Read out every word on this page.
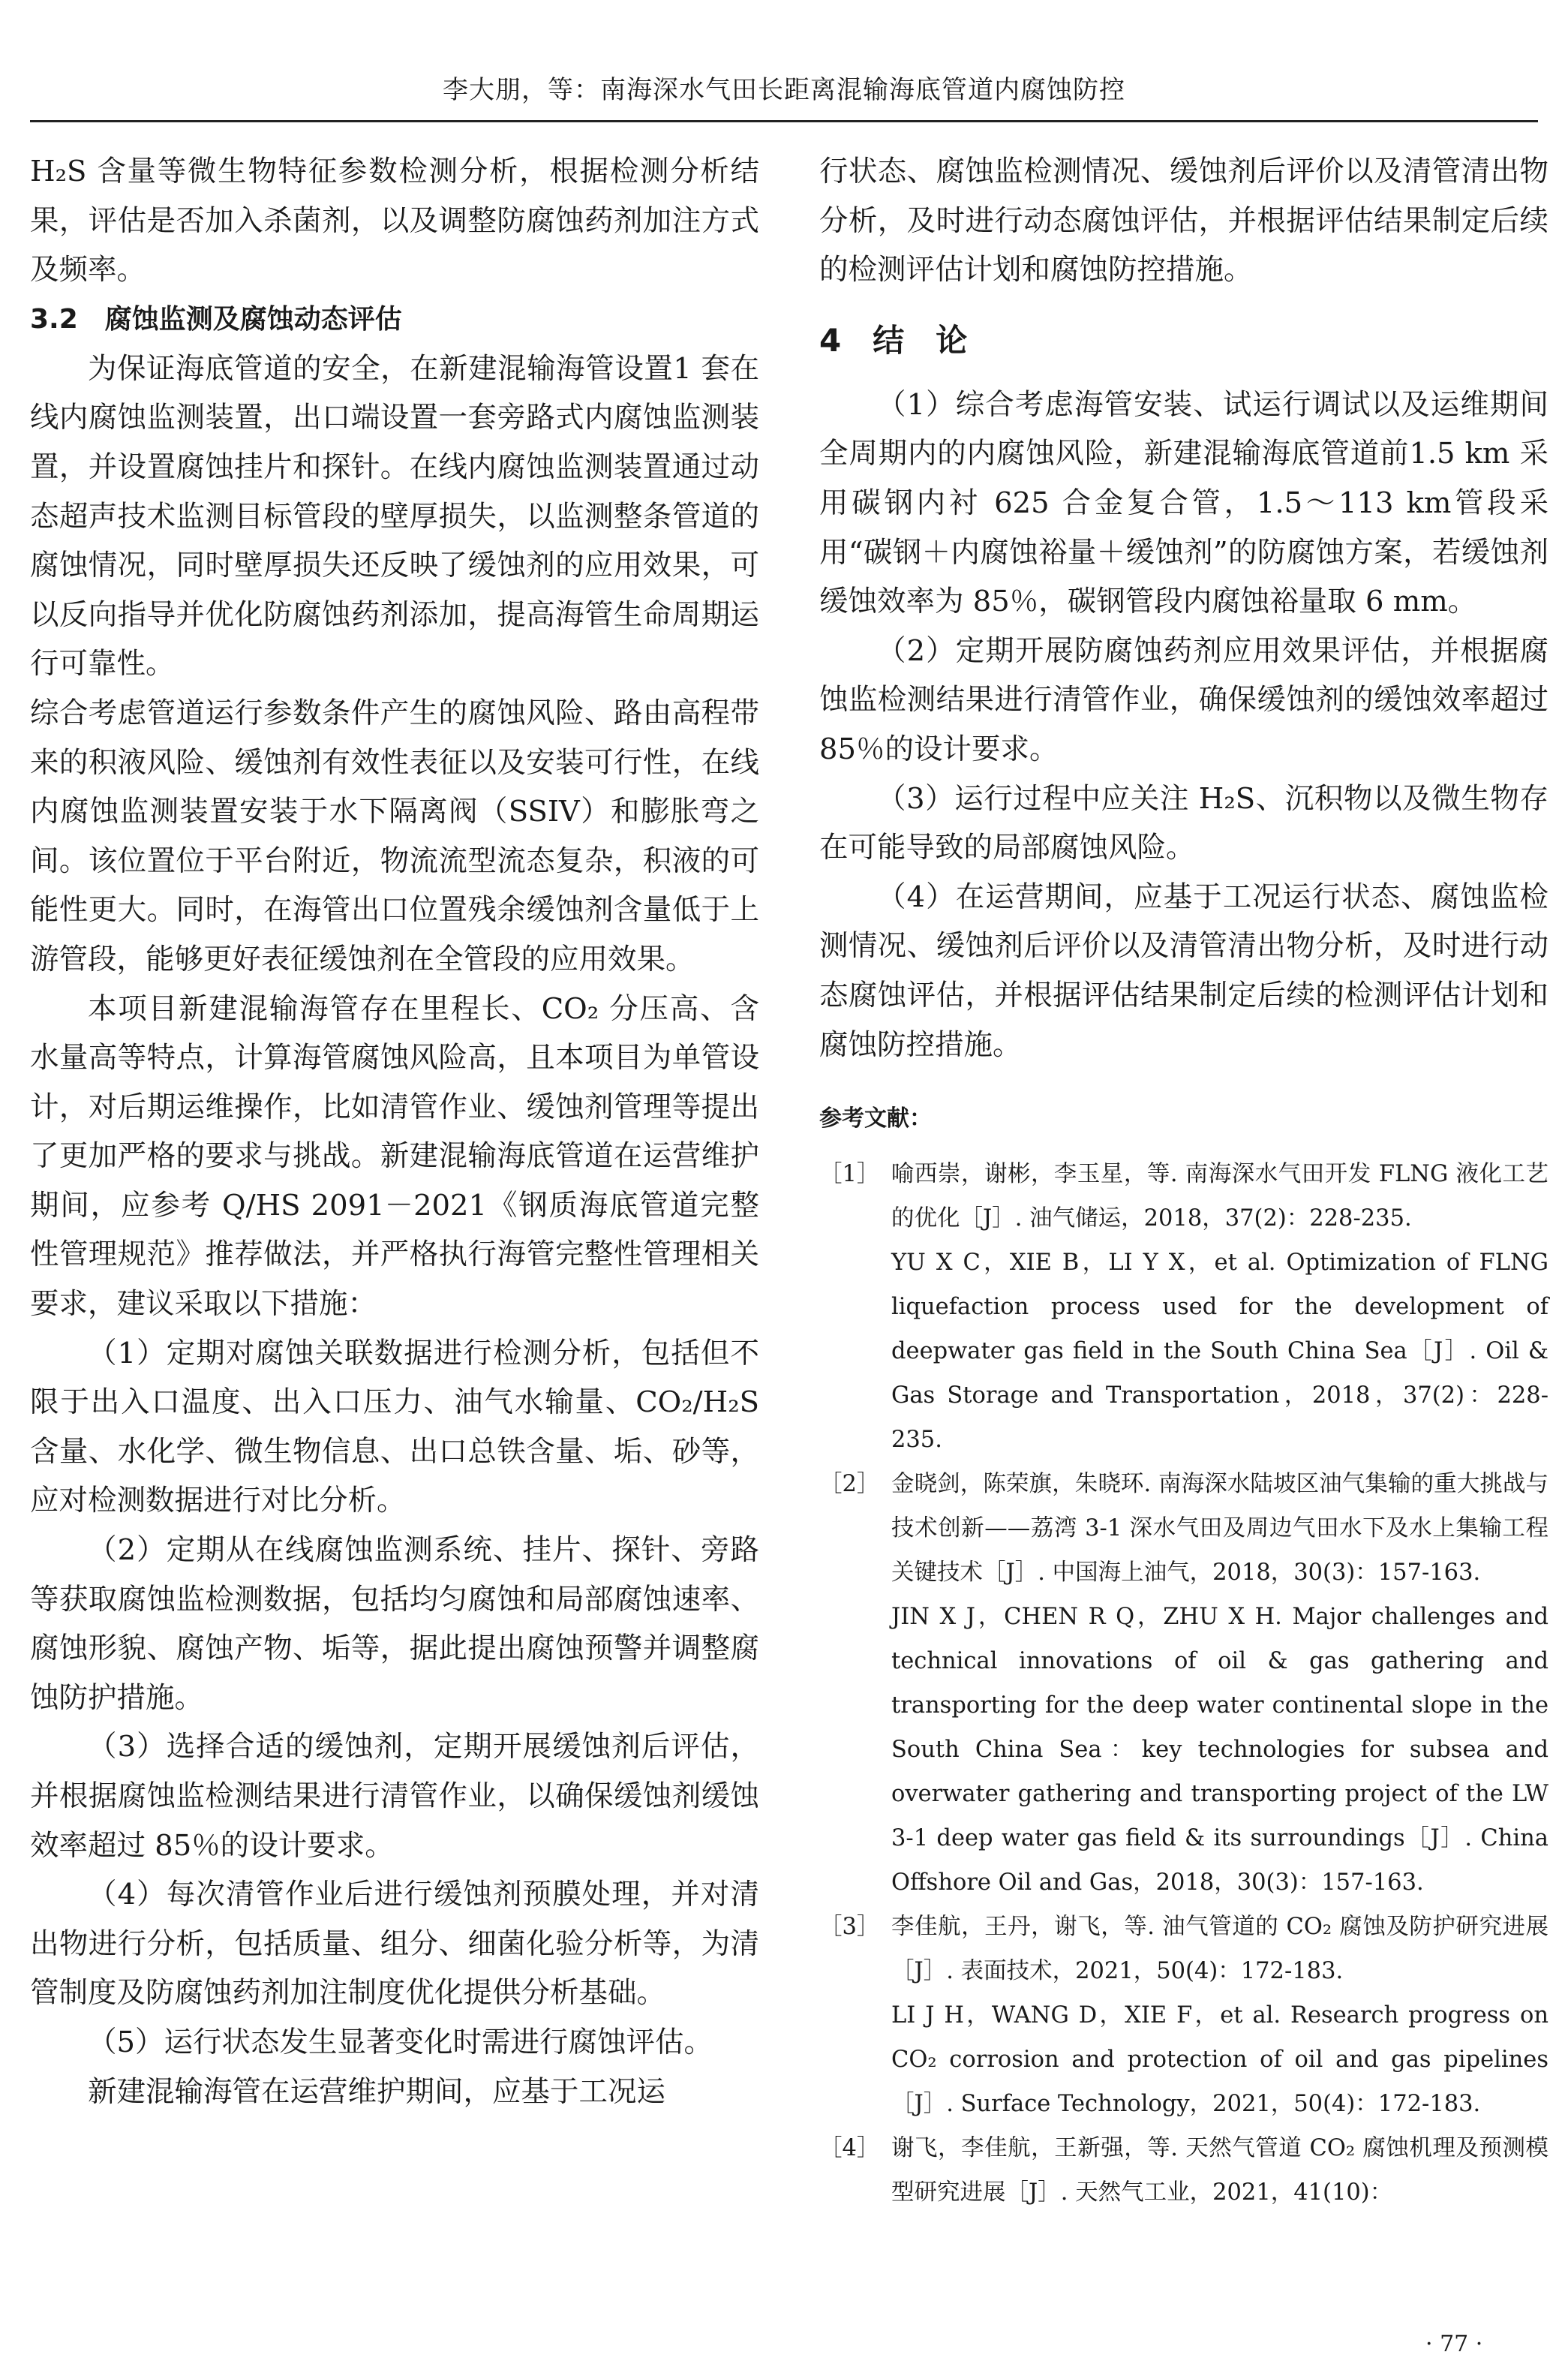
李大朋，等：南海深水气田长距离混输海底管道内腐蚀防控

H₂S 含量等微生物特征参数检测分析，根据检测分析结果，评估是否加入杀菌剂，以及调整防腐蚀药剂加注方式及频率。

3.2　腐蚀监测及腐蚀动态评估

为保证海底管道的安全，在新建混输海管设置1 套在线内腐蚀监测装置，出口端设置一套旁路式内腐蚀监测装置，并设置腐蚀挂片和探针。在线内腐蚀监测装置通过动态超声技术监测目标管段的壁厚损失，以监测整条管道的腐蚀情况，同时壁厚损失还反映了缓蚀剂的应用效果，可以反向指导并优化防腐蚀药剂添加，提高海管生命周期运行可靠性。

综合考虑管道运行参数条件产生的腐蚀风险、路由高程带来的积液风险、缓蚀剂有效性表征以及安装可行性，在线内腐蚀监测装置安装于水下隔离阀（SSIV）和膨胀弯之间。该位置位于平台附近，物流流型流态复杂，积液的可能性更大。同时，在海管出口位置残余缓蚀剂含量低于上游管段，能够更好表征缓蚀剂在全管段的应用效果。

本项目新建混输海管存在里程长、CO₂ 分压高、含水量高等特点，计算海管腐蚀风险高，且本项目为单管设计，对后期运维操作，比如清管作业、缓蚀剂管理等提出了更加严格的要求与挑战。新建混输海底管道在运营维护期间，应参考 Q/HS 2091－2021《钢质海底管道完整性管理规范》推荐做法，并严格执行海管完整性管理相关要求，建议采取以下措施：

（1）定期对腐蚀关联数据进行检测分析，包括但不限于出入口温度、出入口压力、油气水输量、CO₂/H₂S 含量、水化学、微生物信息、出口总铁含量、垢、砂等，应对检测数据进行对比分析。

（2）定期从在线腐蚀监测系统、挂片、探针、旁路等获取腐蚀监检测数据，包括均匀腐蚀和局部腐蚀速率、腐蚀形貌、腐蚀产物、垢等，据此提出腐蚀预警并调整腐蚀防护措施。

（3）选择合适的缓蚀剂，定期开展缓蚀剂后评估，并根据腐蚀监检测结果进行清管作业，以确保缓蚀剂缓蚀效率超过 85％的设计要求。

（4）每次清管作业后进行缓蚀剂预膜处理，并对清出物进行分析，包括质量、组分、细菌化验分析等，为清管制度及防腐蚀药剂加注制度优化提供分析基础。

（5）运行状态发生显著变化时需进行腐蚀评估。

新建混输海管在运营维护期间，应基于工况运

行状态、腐蚀监检测情况、缓蚀剂后评价以及清管清出物分析，及时进行动态腐蚀评估，并根据评估结果制定后续的检测评估计划和腐蚀防控措施。

4　结　论

（1）综合考虑海管安装、试运行调试以及运维期间全周期内的内腐蚀风险，新建混输海底管道前1.5 km 采用碳钢内衬 625 合金复合管，1.5～113 km管段采用“碳钢＋内腐蚀裕量＋缓蚀剂”的防腐蚀方案，若缓蚀剂缓蚀效率为 85％，碳钢管段内腐蚀裕量取 6 mm。

（2）定期开展防腐蚀药剂应用效果评估，并根据腐蚀监检测结果进行清管作业，确保缓蚀剂的缓蚀效率超过 85％的设计要求。

（3）运行过程中应关注 H₂S、沉积物以及微生物存在可能导致的局部腐蚀风险。

（4）在运营期间，应基于工况运行状态、腐蚀监检测情况、缓蚀剂后评价以及清管清出物分析，及时进行动态腐蚀评估，并根据评估结果制定后续的检测评估计划和腐蚀防控措施。

参考文献：
［1］ 喻西崇，谢彬，李玉星，等. 南海深水气田开发 FLNG 液化工艺的优化［J］. 油气储运，2018，37(2)：228-235.
YU X C，XIE B，LI Y X，et al. Optimization of FLNG liquefaction process used for the development of deepwater gas field in the South China Sea［J］. Oil & Gas Storage and Transportation，2018，37(2)：228-235.
［2］ 金晓剑，陈荣旗，朱晓环. 南海深水陆坡区油气集输的重大挑战与技术创新——荔湾 3-1 深水气田及周边气田水下及水上集输工程关键技术［J］. 中国海上油气，2018，30(3)：157-163.
JIN X J，CHEN R Q，ZHU X H. Major challenges and technical innovations of oil & gas gathering and transporting for the deep water continental slope in the South China Sea：key technologies for subsea and overwater gathering and transporting project of the LW 3-1 deep water gas field & its surroundings［J］. China Offshore Oil and Gas，2018，30(3)：157-163.
［3］ 李佳航，王丹，谢飞，等. 油气管道的 CO₂ 腐蚀及防护研究进展［J］. 表面技术，2021，50(4)：172-183.
LI J H，WANG D，XIE F，et al. Research progress on CO₂ corrosion and protection of oil and gas pipelines［J］. Surface Technology，2021，50(4)：172-183.
［4］ 谢飞，李佳航，王新强，等. 天然气管道 CO₂ 腐蚀机理及预测模型研究进展［J］. 天然气工业，2021，41(10)：
· 77 ·
